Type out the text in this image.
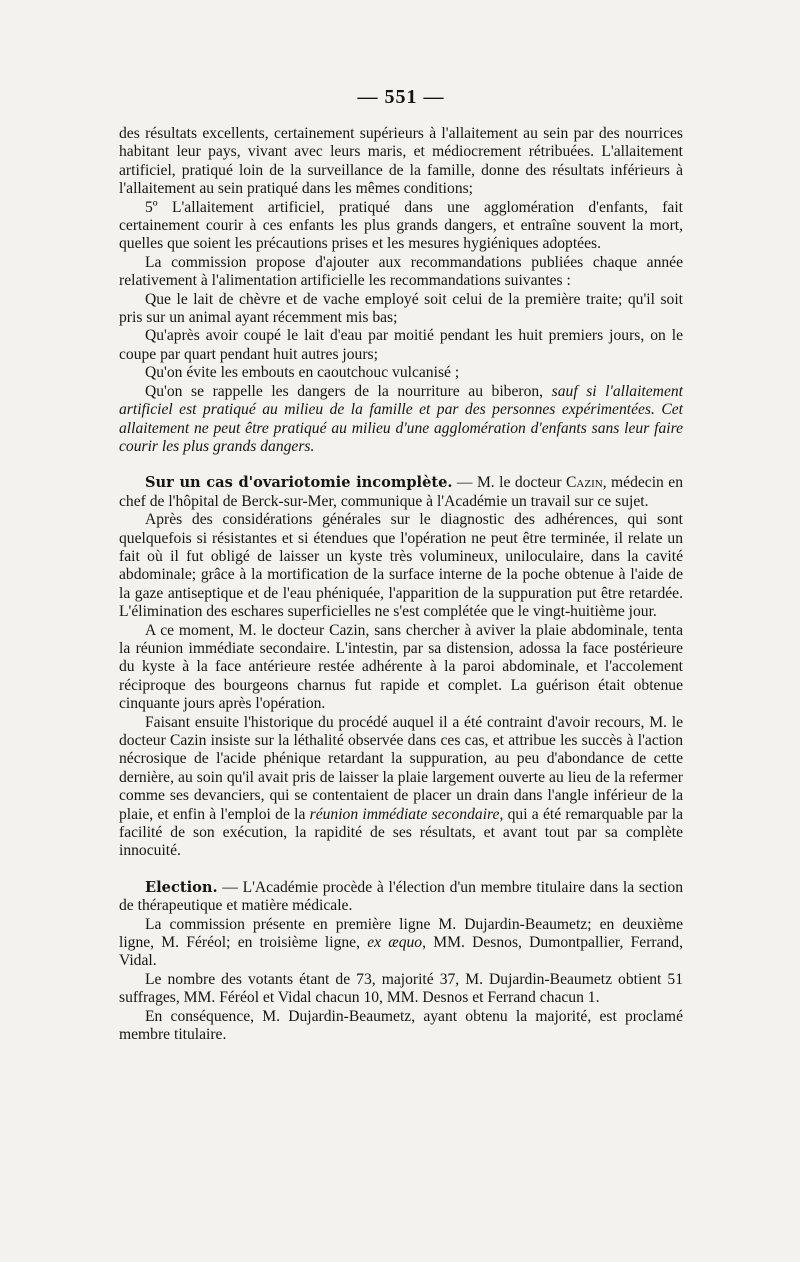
— 551 —

des résultats excellents, certainement supérieurs à l'allaitement au sein par des nourrices habitant leur pays, vivant avec leurs maris, et médiocrement rétribuées. L'allaitement artificiel, pratiqué loin de la surveillance de la famille, donne des résultats inférieurs à l'allaitement au sein pratiqué dans les mêmes conditions;

5º L'allaitement artificiel, pratiqué dans une agglomération d'enfants, fait certainement courir à ces enfants les plus grands dangers, et entraîne souvent la mort, quelles que soient les précautions prises et les mesures hygiéniques adoptées.

La commission propose d'ajouter aux recommandations publiées chaque année relativement à l'alimentation artificielle les recommandations suivantes :

Que le lait de chèvre et de vache employé soit celui de la première traite; qu'il soit pris sur un animal ayant récemment mis bas;

Qu'après avoir coupé le lait d'eau par moitié pendant les huit premiers jours, on le coupe par quart pendant huit autres jours;

Qu'on évite les embouts en caoutchouc vulcanisé ;

Qu'on se rappelle les dangers de la nourriture au biberon, sauf si l'allaitement artificiel est pratiqué au milieu de la famille et par des personnes expérimentées. Cet allaitement ne peut être pratiqué au milieu d'une agglomération d'enfants sans leur faire courir les plus grands dangers.

Sur un cas d'ovariotomie incomplète. — M. le docteur Cazin, médecin en chef de l'hôpital de Berck-sur-Mer, communique à l'Académie un travail sur ce sujet.

Après des considérations générales sur le diagnostic des adhérences, qui sont quelquefois si résistantes et si étendues que l'opération ne peut être terminée, il relate un fait où il fut obligé de laisser un kyste très volumineux, uniloculaire, dans la cavité abdominale; grâce à la mortification de la surface interne de la poche obtenue à l'aide de la gaze antiseptique et de l'eau phéniquée, l'apparition de la suppuration put être retardée. L'élimination des eschares superficielles ne s'est complétée que le vingt-huitième jour.

A ce moment, M. le docteur Cazin, sans chercher à aviver la plaie abdominale, tenta la réunion immédiate secondaire. L'intestin, par sa distension, adossa la face postérieure du kyste à la face antérieure restée adhérente à la paroi abdominale, et l'accolement réciproque des bourgeons charnus fut rapide et complet. La guérison était obtenue cinquante jours après l'opération.

Faisant ensuite l'historique du procédé auquel il a été contraint d'avoir recours, M. le docteur Cazin insiste sur la léthalité observée dans ces cas, et attribue les succès à l'action nécrosique de l'acide phénique retardant la suppuration, au peu d'abondance de cette dernière, au soin qu'il avait pris de laisser la plaie largement ouverte au lieu de la refermer comme ses devanciers, qui se contentaient de placer un drain dans l'angle inférieur de la plaie, et enfin à l'emploi de la réunion immédiate secondaire, qui a été remarquable par la facilité de son exécution, la rapidité de ses résultats, et avant tout par sa complète innocuité.

Election. — L'Académie procède à l'élection d'un membre titulaire dans la section de thérapeutique et matière médicale.

La commission présente en première ligne M. Dujardin-Beaumetz; en deuxième ligne, M. Féréol; en troisième ligne, ex æquo, MM. Desnos, Dumontpallier, Ferrand, Vidal.

Le nombre des votants étant de 73, majorité 37, M. Dujardin-Beaumetz obtient 51 suffrages, MM. Féréol et Vidal chacun 10, MM. Desnos et Ferrand chacun 1.

En conséquence, M. Dujardin-Beaumetz, ayant obtenu la majorité, est proclamé membre titulaire.
